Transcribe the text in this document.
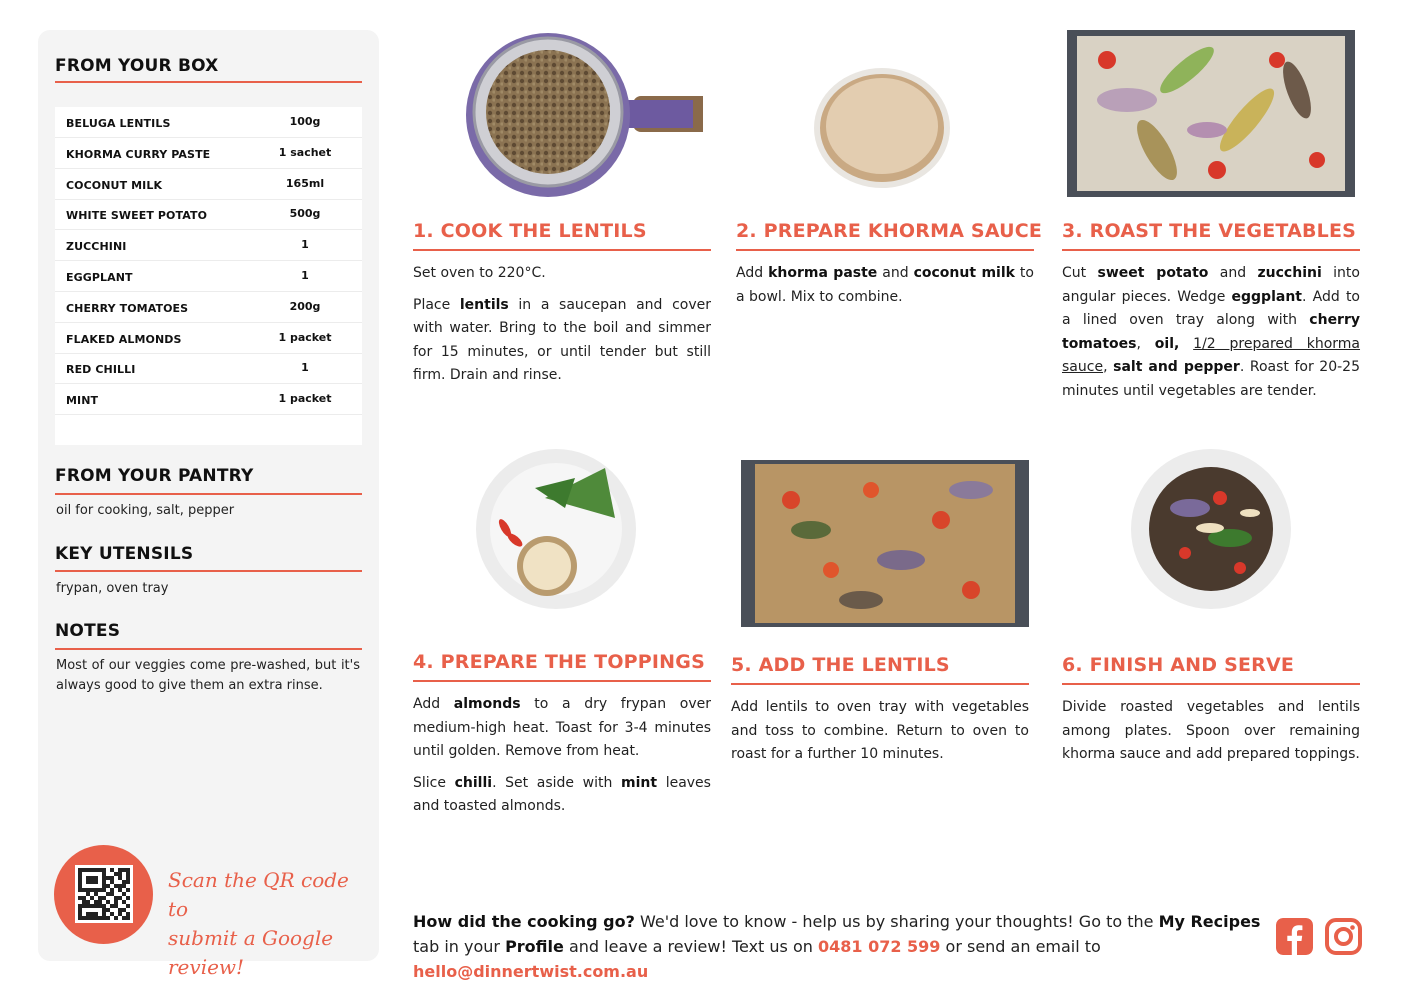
FROM YOUR BOX
BELUGA LENTILS	100g
KHORMA CURRY PASTE	1 sachet
COCONUT MILK	165ml
WHITE SWEET POTATO	500g
ZUCCHINI	1
EGGPLANT	1
CHERRY TOMATOES	200g
FLAKED ALMONDS	1 packet
RED CHILLI	1
MINT	1 packet
FROM YOUR PANTRY
oil for cooking, salt, pepper
KEY UTENSILS
frypan, oven tray
NOTES
Most of our veggies come pre-washed, but it's always good to give them an extra rinse.
Scan the QR code to
submit a Google review!
1. COOK THE LENTILS

Set oven to 220°C.

Place lentils in a saucepan and cover with water. Bring to the boil and simmer for 15 minutes, or until tender but still firm. Drain and rinse.

2. PREPARE KHORMA SAUCE

Add khorma paste and coconut milk to a bowl. Mix to combine.

3. ROAST THE VEGETABLES

Cut sweet potato and zucchini into angular pieces. Wedge eggplant. Add to a lined oven tray along with cherry tomatoes, oil, 1/2 prepared khorma sauce, salt and pepper. Roast for 20-25 minutes until vegetables are tender.

4. PREPARE THE TOPPINGS

Add almonds to a dry frypan over medium-high heat. Toast for 3-4 minutes until golden. Remove from heat.

Slice chilli. Set aside with mint leaves and toasted almonds.

5. ADD THE LENTILS

Add lentils to oven tray with vegetables and toss to combine. Return to oven to roast for a further 10 minutes.

6. FINISH AND SERVE

Divide roasted vegetables and lentils among plates. Spoon over remaining khorma sauce and add prepared toppings.

How did the cooking go? We'd love to know - help us by sharing your thoughts! Go to the My Recipes tab in your Profile and leave a review! Text us on 0481 072 599 or send an email to hello@dinnertwist.com.au
